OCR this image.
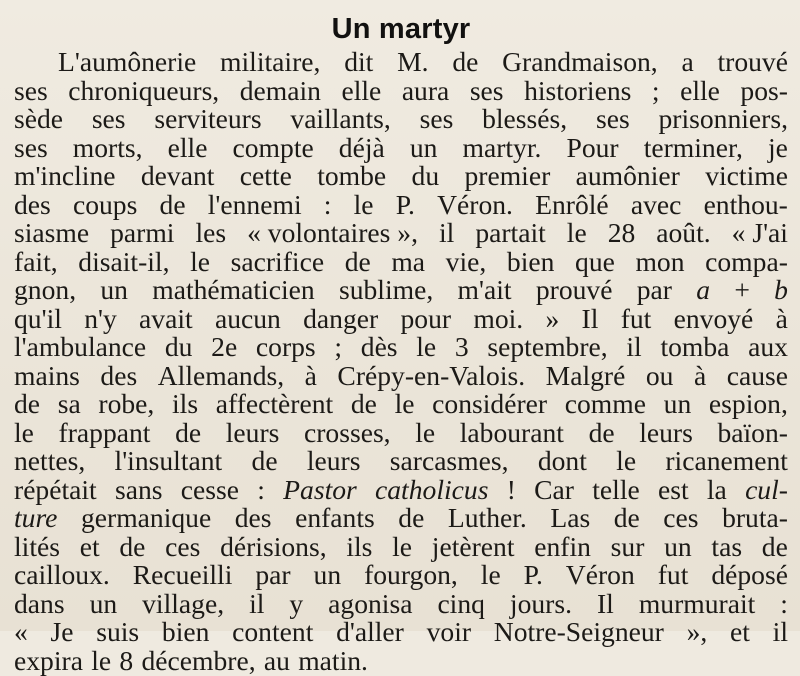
Un martyr
L'aumônerie militaire, dit M. de Grandmaison, a trouvé
ses chroniqueurs, demain elle aura ses historiens ; elle pos-
sède ses serviteurs vaillants, ses blessés, ses prisonniers,
ses morts, elle compte déjà un martyr. Pour terminer, je
m'incline devant cette tombe du premier aumônier victime
des coups de l'ennemi : le P. Véron. Enrôlé avec enthou-
siasme parmi les « volontaires », il partait le 28 août. « J'ai
fait, disait-il, le sacrifice de ma vie, bien que mon compa-
gnon, un mathématicien sublime, m'ait prouvé par a + b
qu'il n'y avait aucun danger pour moi. » Il fut envoyé à
l'ambulance du 2e corps ; dès le 3 septembre, il tomba aux
mains des Allemands, à Crépy-en-Valois. Malgré ou à cause
de sa robe, ils affectèrent de le considérer comme un espion,
le frappant de leurs crosses, le labourant de leurs baïon-
nettes, l'insultant de leurs sarcasmes, dont le ricanement
répétait sans cesse : Pastor catholicus ! Car telle est la cul-
ture germanique des enfants de Luther. Las de ces bruta-
lités et de ces dérisions, ils le jetèrent enfin sur un tas de
cailloux. Recueilli par un fourgon, le P. Véron fut déposé
dans un village, il y agonisa cinq jours. Il murmurait :
« Je suis bien content d'aller voir Notre-Seigneur », et il
expira le 8 décembre, au matin.
